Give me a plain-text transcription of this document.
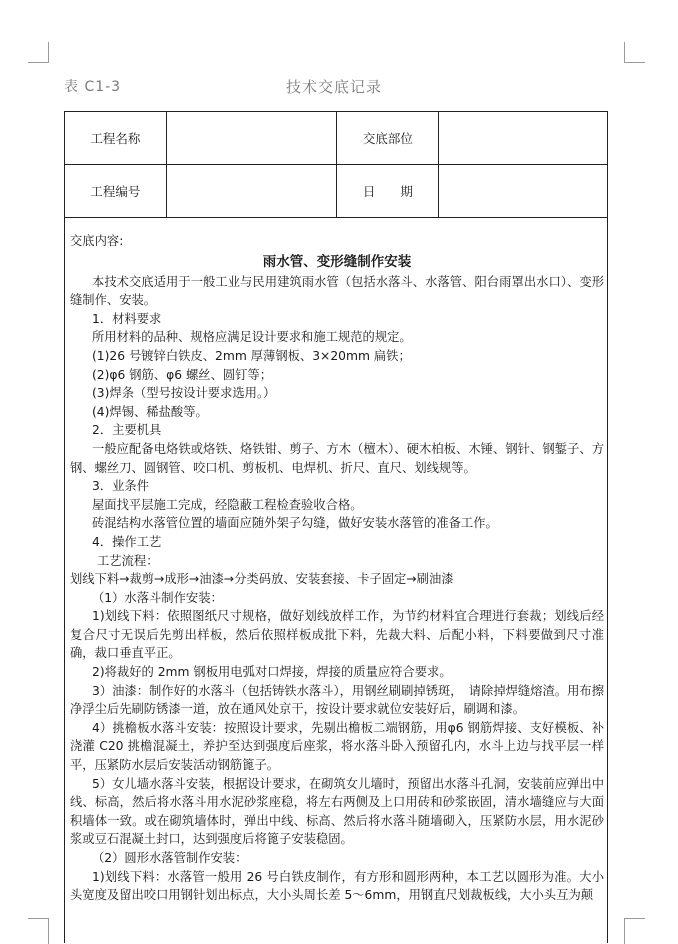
表 C1-3	技术交底记录
工程名称		交底部位	
工程编号		日　　期	

交底内容:

雨水管、变形缝制作安装

本技术交底适用于一般工业与民用建筑雨水管（包括水落斗、水落管、阳台雨罩出水口）、变形缝制作、安装。

1．材料要求

所用材料的品种、规格应满足设计要求和施工规范的规定。

(1)26 号镀锌白铁皮、2mm 厚薄钢板、3×20mm 扁铁；

(2)φ6 钢筋、φ6 螺丝、圆钉等；

(3)焊条（型号按设计要求选用。）

(4)焊锡、稀盐酸等。

2．主要机具

一般应配备电烙铁或烙铁、烙铁钳、剪子、方木（檀木）、硬木柏板、木锤、钢针、钢錾子、方钢、螺丝刀、圆钢管、咬口机、剪板机、电焊机、折尺、直尺、划线规等。

3．业条件

屋面找平层施工完成，经隐蔽工程检查验收合格。

砖混结构水落管位置的墙面应随外架子勾缝，做好安装水落管的准备工作。

4．操作工艺

工艺流程：

划线下料→裁剪→成形→油漆→分类码放、安装套接、卡子固定→刷油漆

（1）水落斗制作安装：

1)划线下料：依照图纸尺寸规格，做好划线放样工作，为节约材料宜合理进行套裁；划线后经复合尺寸无误后先剪出样板，然后依照样板成批下料，先裁大料、后配小料，下料要做到尺寸准确，裁口垂直平正。

2)将裁好的 2mm 钢板用电弧对口焊接，焊接的质量应符合要求。

3）油漆：制作好的水落斗（包括铸铁水落斗），用钢丝刷刷掉锈斑，　请除掉焊缝熔渣。用布擦净浮尘后先刷防锈漆一道，放在通风处京干，按设计要求就位安装好后，刷调和漆。

4）挑檐板水落斗安装：按照设计要求，先剔出檐板二端钢筋，用φ6 钢筋焊接、支好模板、补浇灌 C20 挑檐混凝土，养护至达到强度后座浆，将水落斗卧入预留孔内，水斗上边与找平层一样平，压紧防水层后安装活动钢筋篦子。

5）女儿墙水落斗安装，根据设计要求，在砌筑女儿墙时，预留出水落斗孔洞，安装前应弹出中线、标高，然后将水落斗用水泥砂浆座稳，将左右两侧及上口用砖和砂浆嵌固，清水墙缝应与大面积墙体一致。或在砌筑墙体时，弹出中线、标高、然后将水落斗随墙砌入，压紧防水层，用水泥砂浆或豆石混凝土封口，达到强度后将篦子安装稳固。

（2）圆形水落管制作安装：

1)划线下料：水落管一般用 26 号白铁皮制作，有方形和圆形两种，本工艺以圆形为准。大小头宽度及留出咬口用钢针划出标点，大小头周长差 5～6mm，用钢直尺划裁板线，大小头互为颠
